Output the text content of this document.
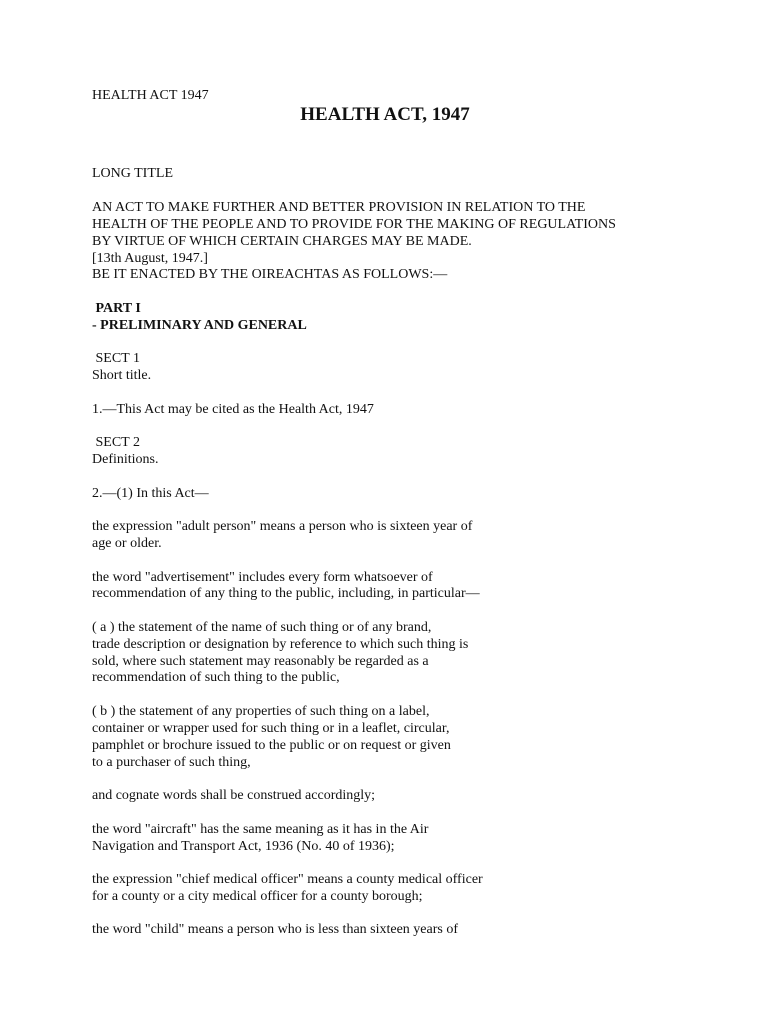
HEALTH ACT 1947
HEALTH ACT, 1947
LONG TITLE
AN ACT TO MAKE FURTHER AND BETTER PROVISION IN RELATION TO THE
HEALTH OF THE PEOPLE AND TO PROVIDE FOR THE MAKING OF REGULATIONS
BY VIRTUE OF WHICH CERTAIN CHARGES MAY BE MADE.
[13th August, 1947.]
BE IT ENACTED BY THE OIREACHTAS AS FOLLOWS:—
PART I
- PRELIMINARY AND GENERAL
SECT 1
Short title.
1.—This Act may be cited as the Health Act, 1947
SECT 2
Definitions.
2.—(1) In this Act—
the expression "adult person" means a person who is sixteen year of
age or older.
the word "advertisement" includes every form whatsoever of
recommendation of any thing to the public, including, in particular—
( a ) the statement of the name of such thing or of any brand,
trade description or designation by reference to which such thing is
sold, where such statement may reasonably be regarded as a
recommendation of such thing to the public,
( b ) the statement of any properties of such thing on a label,
container or wrapper used for such thing or in a leaflet, circular,
pamphlet or brochure issued to the public or on request or given
to a purchaser of such thing,
and cognate words shall be construed accordingly;
the word "aircraft" has the same meaning as it has in the Air
Navigation and Transport Act, 1936 (No. 40 of 1936);
the expression "chief medical officer" means a county medical officer
for a county or a city medical officer for a county borough;
the word "child" means a person who is less than sixteen years of
